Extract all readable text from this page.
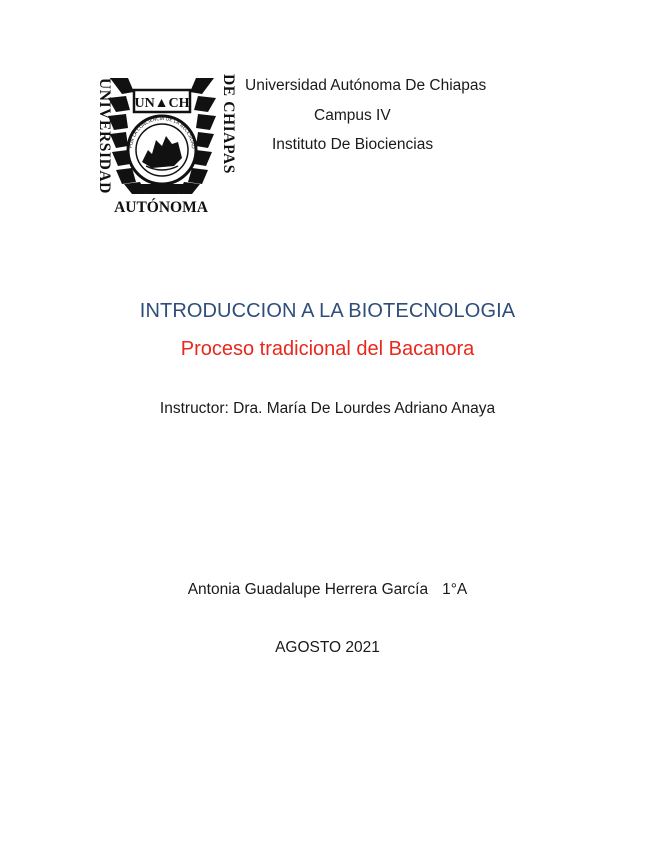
UNIVERSIDAD	DE CHIAPAS
AUTÓNOMA
UN▲CH
POR LA CONCIENCIA DE LA NECESIDAD
Universidad Autónoma De Chiapas
Campus IV
Instituto De Biociencias
INTRODUCCION A LA BIOTECNOLOGIA
Proceso tradicional del Bacanora
Instructor: Dra. María De Lourdes Adriano Anaya
Antonia Guadalupe Herrera García 1°A
AGOSTO 2021
